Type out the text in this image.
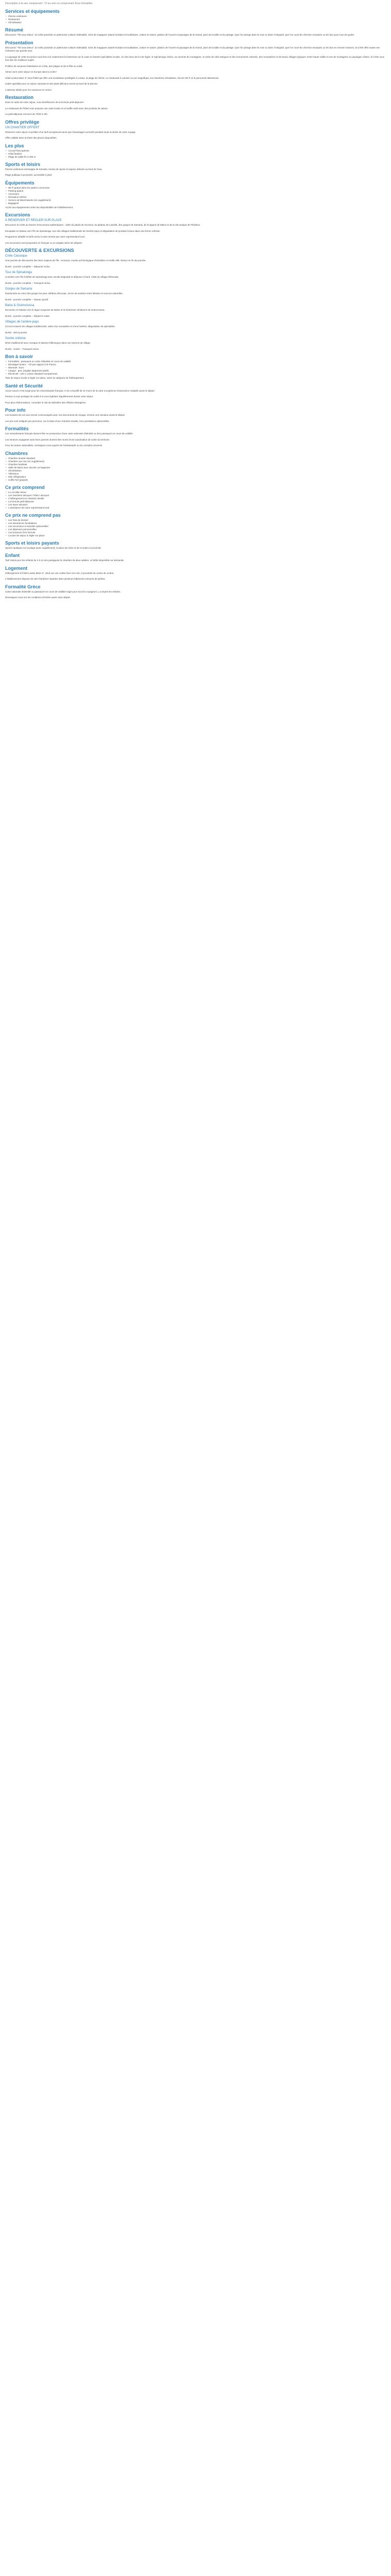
Description à la une comprenant : Cf au sein ou comprenant Sous formalités
Services et équipements
• Piscine extérieure
• Restaurant
• Climatisation
Résumé

Découvrez "Tib sous Dieux", la Crête possède un patrimoine culturel indéniable, riche de magiques naturel bordant et troublantes, culture et nature, plaisirs de l'ouvert et paysages de la Grand, joies de la table et du partage. Que l'on plonge dans le rose ou dans l'Antiquité, que l'on court les chemins escarpés ou les lacs pour tous les goûts.

Présentation

Découvrez "Tib sous Dieux", la Crête possède un patrimoine culturel indéniable, riche de magiques naturel bordant et troublantes, culture et nature, plaisirs de l'ouvert et paysages de la Grand, joies de la table et du partage. Que l'on plonge dans le rose ou dans l'Antiquité, que l'on court les chemins escarpés ou les lacs en remote maisons, la Crète offre toutes ses richesses aux grands tous.

Le paysage de cette excursion vous fera voir notamment la forteresse sur la route et d'autres spécialités locales. Un des lieux de la mer Égée, le Spinalonga crétois, au sommet de montagnes, et visite de cités antiques et des monuments culturels, des monastères et de beaux villages typiques. Entre haute vallée et ses de montagnes ou paysages côtiers, la Crète vous fera dire les meilleurs sujets.

Profitez de vacances balnéaires en Crète, des plages et de la fête au soleil.

Venez vivre votre séjour en Europe dans la Crète !

Hôtel Lindos Mare 4* sera l'hôtel qui offre une localisation privilégiée à Lindos, la plage de Vlicha. Le restaurant à volonté, la vue magnifique, les chambres climatisées, l'accès Wi-Fi et le personnel attentionné.

Cadre agréable pour un séjour reposant et des plats délicieux servis au bord de la piscine.

L'adresse idéale pour les vacances en Grèce.

Restauration

Dans le cadre de votre séjour, vous bénéficierez de la formule petit-déjeuner.

Le restaurant de l'hôtel vous propose une carte locale et un buffet varié avec des produits de saison.

Le petit-déjeuner est servi de 7h30 à 10h.

Offres privilège
UN CHANTIER OFFERT

Réservez votre séjour et profitez d'un tarif exceptionnel ainsi que d'avantages exclusifs pendant toute la durée de votre voyage.

Offre valable dans la limite des places disponibles.

Les plus
• Accueil francophone
• Hôtel familial
• Plage de sable fin à 200 m
Sports et loisirs

Piscine extérieure aménagée de transats, terrain de sports et espace détente au bord de l'eau.

Plage publique à proximité, accessible à pied.

Équipements
• Wi-Fi gratuit dans les parties communes
• Parking gratuit
• Ascenseur
• Réception 24h/24
• Service de blanchisserie (en supplément)
• Bagagerie

Accès aux équipements selon les disponibilités de l'établissement.

Excursions
À RÉSERVER ET RÉGLER SUR PLACE

Découvrez la Crète au travers d'excursions authentiques : visite du palais de Knossos, du plateau de Lassithi, des gorges de Samaria, de la lagune de Balos et de la cité antique de Phaistos.

Escapade en bateau vers l'île de Spinalonga, tour des villages traditionnels de l'arrière-pays et dégustation de produits locaux dans une ferme crétoise.

Programme détaillé et tarifs remis à votre arrivée par notre représentant local.

Les excursions sont proposées en français ou en anglais selon les départs.

DÉCOUVERTE & EXCURSIONS
Crète Classique

Une journée de découverte des sites majeurs de l'île : Knossos, musée archéologique d'Héraklion et vieille ville. Retour en fin de journée.

Durée : journée complète – Déjeuner inclus

Tour de Spinalonga

Croisière vers l'île fortifiée de Spinalonga avec escale baignade et déjeuner à bord. Visite du village d'Elounda.

Durée : journée complète – Transport inclus

Gorges de Samaria

Randonnée au cœur des gorges les plus célèbres d'Europe, 16 km de sentiers entre falaises et sources naturelles.

Durée : journée complète – Niveau sportif

Balos & Gramvoussa

Excursion en bateau vers le lagon turquoise de Balos et la forteresse vénitienne de Gramvoussa.

Durée : journée complète – Départ le matin

Villages de l'arrière-pays

Circuit à travers les villages traditionnels, visite d'un monastère et d'une huilerie, dégustation de spécialités.

Durée : demi-journée

Soirée crétoise

Dîner traditionnel avec musique et danses folkloriques dans une taverne de village.

Durée : soirée – Transport inclus

Bon à savoir
• Formalités : passeport ou carte d'identité en cours de validité
• Décalage horaire : +1h par rapport à la France
• Monnaie : Euro
• Langue : grec (anglais largement parlé)
• Électricité : 220 V, prises standard européennes

Taxe de séjour locale à régler sur place, selon la catégorie de l'hébergement.

Santé et Sécurité

Aucun vaccin n'est exigé pour les ressortissants français. Il est conseillé de se munir de la carte européenne d'assurance maladie avant le départ.

Pensez à vous protéger du soleil et à vous hydrater régulièrement durant votre séjour.

Pour plus d'informations, consultez le site du Ministère des Affaires étrangères.

Pour info

Les horaires de vol vous seront communiqués avec vos documents de voyage, environ une semaine avant le départ.

Les prix sont indiqués par personne, sur la base d'une chambre double, hors prestations optionnelles.

Formalités

Les ressortissants français doivent être en possession d'une carte nationale d'identité ou d'un passeport en cours de validité.

Les mineurs voyageant sans leurs parents doivent être munis d'une autorisation de sortie du territoire.

Pour les autres nationalités, renseignez-vous auprès de l'ambassade ou du consulat concerné.

Chambres
• Chambre double standard
• Chambre vue mer (en supplément)
• Chambre familiale
• Salle de bains avec douche ou baignoire
• Climatisation
• Télévision
• Mini-réfrigérateur
• Coffre-fort (payant)
Ce prix comprend
• Le vol aller-retour
• Les transferts aéroport / hôtel / aéroport
• L'hébergement en chambre double
• La formule petit-déjeuner
• Les taxes aéroport
• L'assistance de notre représentant local
Ce prix ne comprend pas
• Les frais de dossier
• Les assurances facultatives
• Les excursions et activités optionnelles
• Les dépenses personnelles
• Les boissons hors formule
• La taxe de séjour à régler sur place
Sports et loisirs payants

Sports nautiques sur la plage (avec supplément), location de vélos et de scooters à proximité.

Enfant

Tarif réduit pour les enfants de 2 à 12 ans partageant la chambre de deux adultes. Lit bébé disponible sur demande.

Logement

Hébergement à l'hôtel Lindos Mare 4*, situé sur une colline face à la mer, à proximité du centre de Lindos.

L'établissement dispose de 150 chambres réparties dans plusieurs bâtiments entourés de jardins.

Formalité Grèce

Carte nationale d'identité ou passeport en cours de validité exigé pour tous les voyageurs, y compris les enfants.

Renseignez-vous sur les conditions d'entrée avant votre départ.
